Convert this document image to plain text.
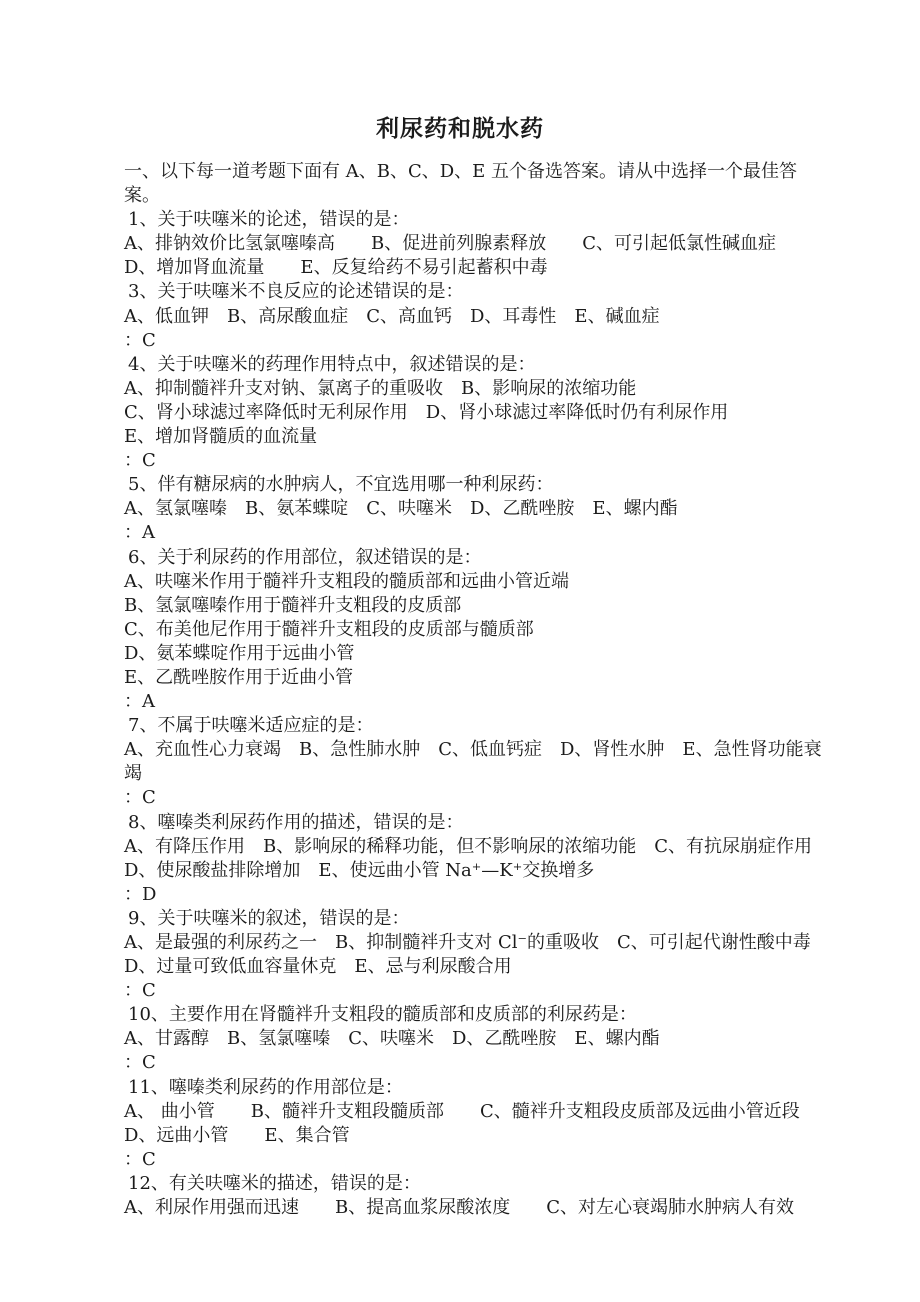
利尿药和脱水药
一、以下每一道考题下面有 A、B、C、D、E 五个备选答案。请从中选择一个最佳答案。
1、关于呋噻米的论述，错误的是：
A、排钠效价比氢氯噻嗪高　　B、促进前列腺素释放　　C、可引起低氯性碱血症
D、增加肾血流量　　E、反复给药不易引起蓄积中毒
3、关于呋噻米不良反应的论述错误的是：
A、低血钾　B、高尿酸血症　C、高血钙　D、耳毒性　E、碱血症
：C
4、关于呋噻米的药理作用特点中，叙述错误的是：
A、抑制髓袢升支对钠、氯离子的重吸收　B、影响尿的浓缩功能
C、肾小球滤过率降低时无利尿作用　D、肾小球滤过率降低时仍有利尿作用
E、增加肾髓质的血流量
：C
5、伴有糖尿病的水肿病人，不宜选用哪一种利尿药：
A、氢氯噻嗪　B、氨苯蝶啶　C、呋噻米　D、乙酰唑胺　E、螺内酯
：A
6、关于利尿药的作用部位，叙述错误的是：
A、呋噻米作用于髓袢升支粗段的髓质部和远曲小管近端
B、氢氯噻嗪作用于髓袢升支粗段的皮质部
C、布美他尼作用于髓袢升支粗段的皮质部与髓质部
D、氨苯蝶啶作用于远曲小管
E、乙酰唑胺作用于近曲小管
：A
7、不属于呋噻米适应症的是：
A、充血性心力衰竭　B、急性肺水肿　C、低血钙症　D、肾性水肿　E、急性肾功能衰竭
：C
8、噻嗪类利尿药作用的描述，错误的是：
A、有降压作用　B、影响尿的稀释功能，但不影响尿的浓缩功能　C、有抗尿崩症作用
D、使尿酸盐排除增加　E、使远曲小管 Na⁺—K⁺交换增多
：D
9、关于呋噻米的叙述，错误的是：
A、是最强的利尿药之一　B、抑制髓袢升支对 Cl⁻的重吸收　C、可引起代谢性酸中毒
D、过量可致低血容量休克　E、忌与利尿酸合用
：C
10、主要作用在肾髓袢升支粗段的髓质部和皮质部的利尿药是：
A、甘露醇　B、氢氯噻嗪　C、呋噻米　D、乙酰唑胺　E、螺内酯
：C
11、噻嗪类利尿药的作用部位是：
A、 曲小管　　B、髓袢升支粗段髓质部　　C、髓袢升支粗段皮质部及远曲小管近段
D、远曲小管　　E、集合管
：C
12、有关呋噻米的描述，错误的是：
A、利尿作用强而迅速　　B、提高血浆尿酸浓度　　C、对左心衰竭肺水肿病人有效
